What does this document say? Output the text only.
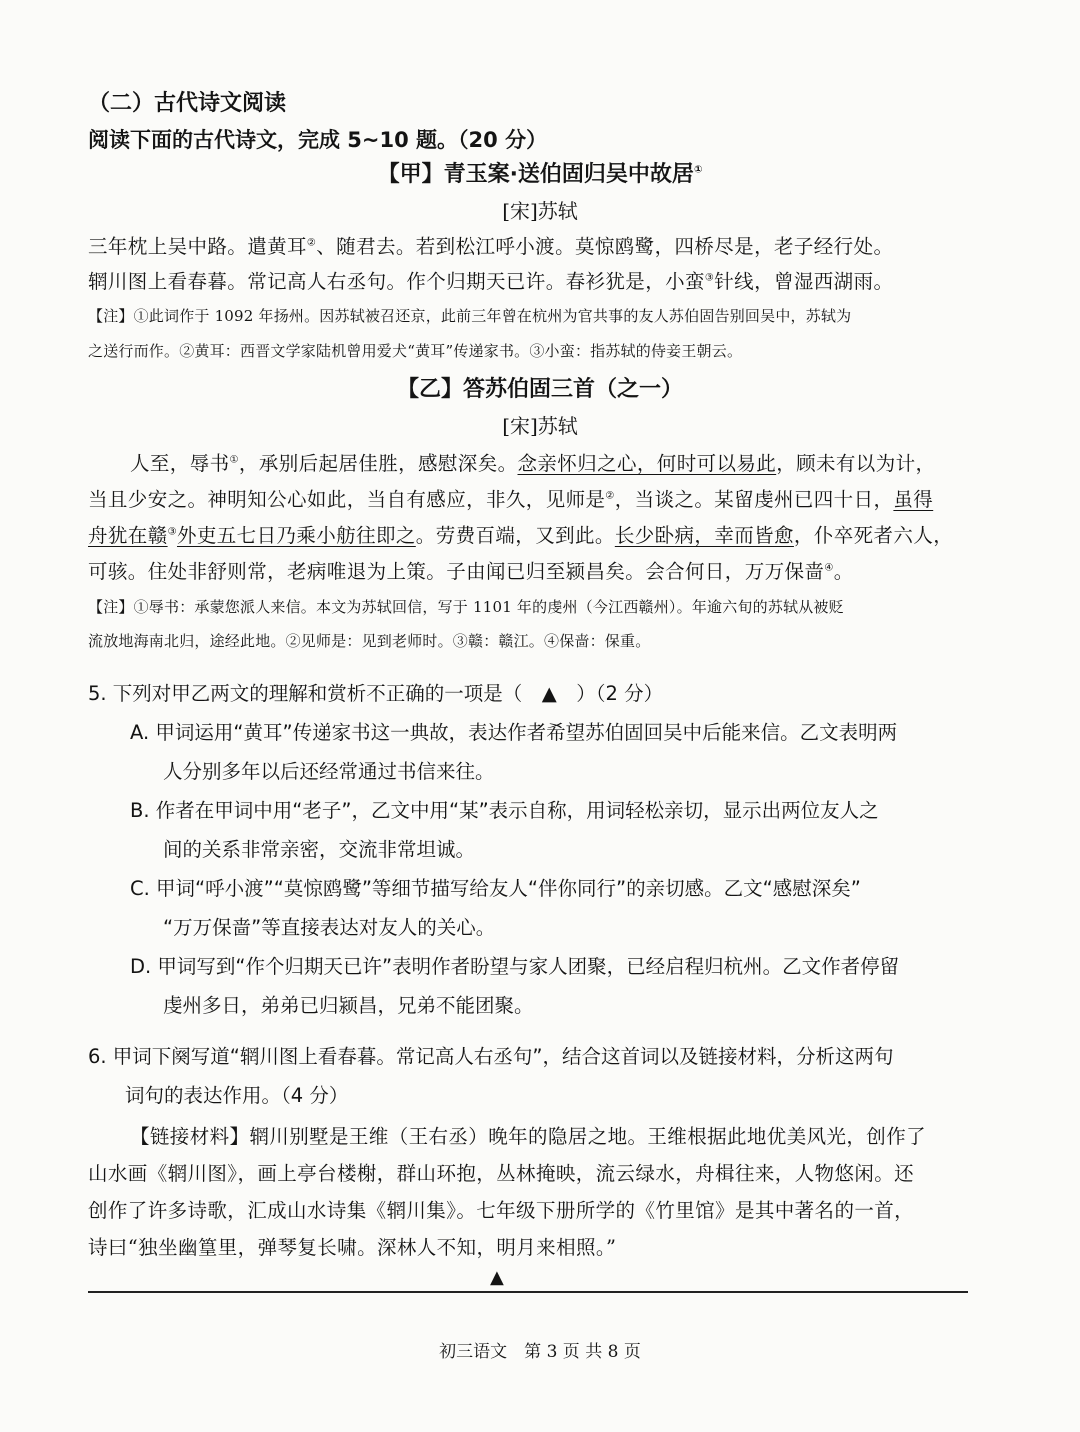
（二）古代诗文阅读
阅读下面的古代诗文，完成 5~10 题。（20 分）
【甲】青玉案·送伯固归吴中故居①
[宋]苏轼
三年枕上吴中路。遣黄耳②、随君去。若到松江呼小渡。莫惊鸥鹭，四桥尽是，老子经行处。
辋川图上看春暮。常记高人右丞句。作个归期天已许。春衫犹是，小蛮③针线，曾湿西湖雨。
【注】①此词作于 1092 年扬州。因苏轼被召还京，此前三年曾在杭州为官共事的友人苏伯固告别回吴中，苏轼为
之送行而作。②黄耳：西晋文学家陆机曾用爱犬“黄耳”传递家书。③小蛮：指苏轼的侍妾王朝云。
【乙】答苏伯固三首（之一）
[宋]苏轼
人至，辱书①，承别后起居佳胜，感慰深矣。念亲怀归之心，何时可以易此，顾未有以为计，
当且少安之。神明知公心如此，当自有感应，非久，见师是②，当谈之。某留虔州已四十日，虽得
舟犹在赣③外吏五七日乃乘小舫往即之。劳费百端，又到此。长少卧病，幸而皆愈，仆卒死者六人，
可骇。住处非舒则常，老病唯退为上策。子由闻已归至颍昌矣。会合何日，万万保啬④。
【注】①辱书：承蒙您派人来信。本文为苏轼回信，写于 1101 年的虔州（今江西赣州）。年逾六旬的苏轼从被贬
流放地海南北归，途经此地。②见师是：见到老师时。③赣：赣江。④保啬：保重。
5. 下列对甲乙两文的理解和赏析不正确的一项是（　▲　）（2 分）
A. 甲词运用“黄耳”传递家书这一典故，表达作者希望苏伯固回吴中后能来信。乙文表明两
人分别多年以后还经常通过书信来往。
B. 作者在甲词中用“老子”，乙文中用“某”表示自称，用词轻松亲切，显示出两位友人之
间的关系非常亲密，交流非常坦诚。
C. 甲词“呼小渡”“莫惊鸥鹭”等细节描写给友人“伴你同行”的亲切感。乙文“感慰深矣”
“万万保啬”等直接表达对友人的关心。
D. 甲词写到“作个归期天已许”表明作者盼望与家人团聚，已经启程归杭州。乙文作者停留
虔州多日，弟弟已归颍昌，兄弟不能团聚。
6. 甲词下阕写道“辋川图上看春暮。常记高人右丞句”，结合这首词以及链接材料，分析这两句
词句的表达作用。（4 分）
【链接材料】辋川别墅是王维（王右丞）晚年的隐居之地。王维根据此地优美风光，创作了
山水画《辋川图》，画上亭台楼榭，群山环抱，丛林掩映，流云绿水，舟楫往来，人物悠闲。还
创作了许多诗歌，汇成山水诗集《辋川集》。七年级下册所学的《竹里馆》是其中著名的一首，
诗曰“独坐幽篁里，弹琴复长啸。深林人不知，明月来相照。”
▲
初三语文　第 3 页 共 8 页
